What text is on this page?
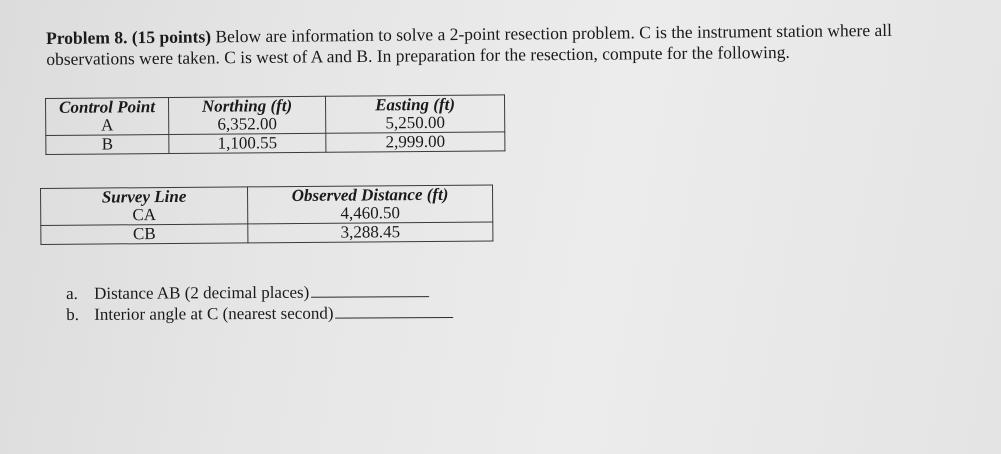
Problem 8. (15 points) Below are information to solve a 2-point resection problem. C is the instrument station where all
observations were taken. C is west of A and B. In preparation for the resection, compute for the following.
Control Point	Northing (ft)	Easting (ft)
A	6,352.00	5,250.00
B	1,100.55	2,999.00
Survey Line	Observed Distance (ft)
CA	4,460.50
CB	3,288.45
a. Distance AB (2 decimal places)
b. Interior angle at C (nearest second)
